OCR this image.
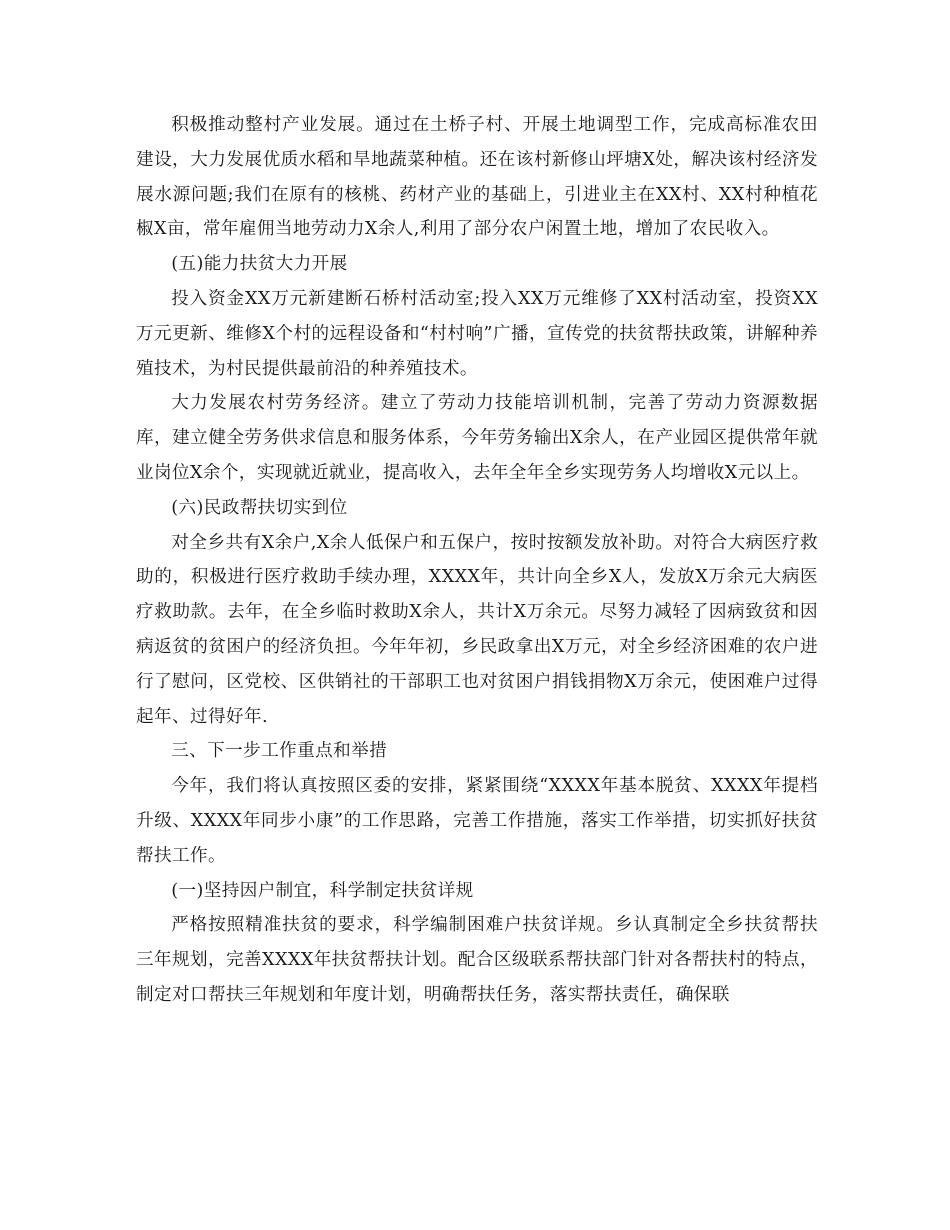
积极推动整村产业发展。通过在土桥子村、开展土地调型工作，完成高标准农田建设，大力发展优质水稻和旱地蔬菜种植。还在该村新修山坪塘X处，解决该村经济发展水源问题;我们在原有的核桃、药材产业的基础上，引进业主在XX村、XX村种植花椒X亩，常年雇佣当地劳动力X余人,利用了部分农户闲置土地，增加了农民收入。

(五)能力扶贫大力开展

投入资金XX万元新建断石桥村活动室;投入XX万元维修了XX村活动室，投资XX万元更新、维修X个村的远程设备和“村村响”广播，宣传党的扶贫帮扶政策，讲解种养殖技术，为村民提供最前沿的种养殖技术。

大力发展农村劳务经济。建立了劳动力技能培训机制，完善了劳动力资源数据库，建立健全劳务供求信息和服务体系，今年劳务输出X余人，在产业园区提供常年就业岗位X余个，实现就近就业，提高收入，去年全年全乡实现劳务人均增收X元以上。

(六)民政帮扶切实到位

对全乡共有X余户,X余人低保户和五保户，按时按额发放补助。对符合大病医疗救助的，积极进行医疗救助手续办理，XXXX年，共计向全乡X人，发放X万余元大病医疗救助款。去年，在全乡临时救助X余人，共计X万余元。尽努力减轻了因病致贫和因病返贫的贫困户的经济负担。今年年初，乡民政拿出X万元，对全乡经济困难的农户进行了慰问，区党校、区供销社的干部职工也对贫困户捐钱捐物X万余元，使困难户过得起年、过得好年.

三、下一步工作重点和举措

今年，我们将认真按照区委的安排，紧紧围绕“XXXX年基本脱贫、XXXX年提档升级、XXXX年同步小康”的工作思路，完善工作措施，落实工作举措，切实抓好扶贫帮扶工作。

(一)坚持因户制宜，科学制定扶贫详规

严格按照精准扶贫的要求，科学编制困难户扶贫详规。乡认真制定全乡扶贫帮扶三年规划，完善XXXX年扶贫帮扶计划。配合区级联系帮扶部门针对各帮扶村的特点，制定对口帮扶三年规划和年度计划，明确帮扶任务，落实帮扶责任，确保联
